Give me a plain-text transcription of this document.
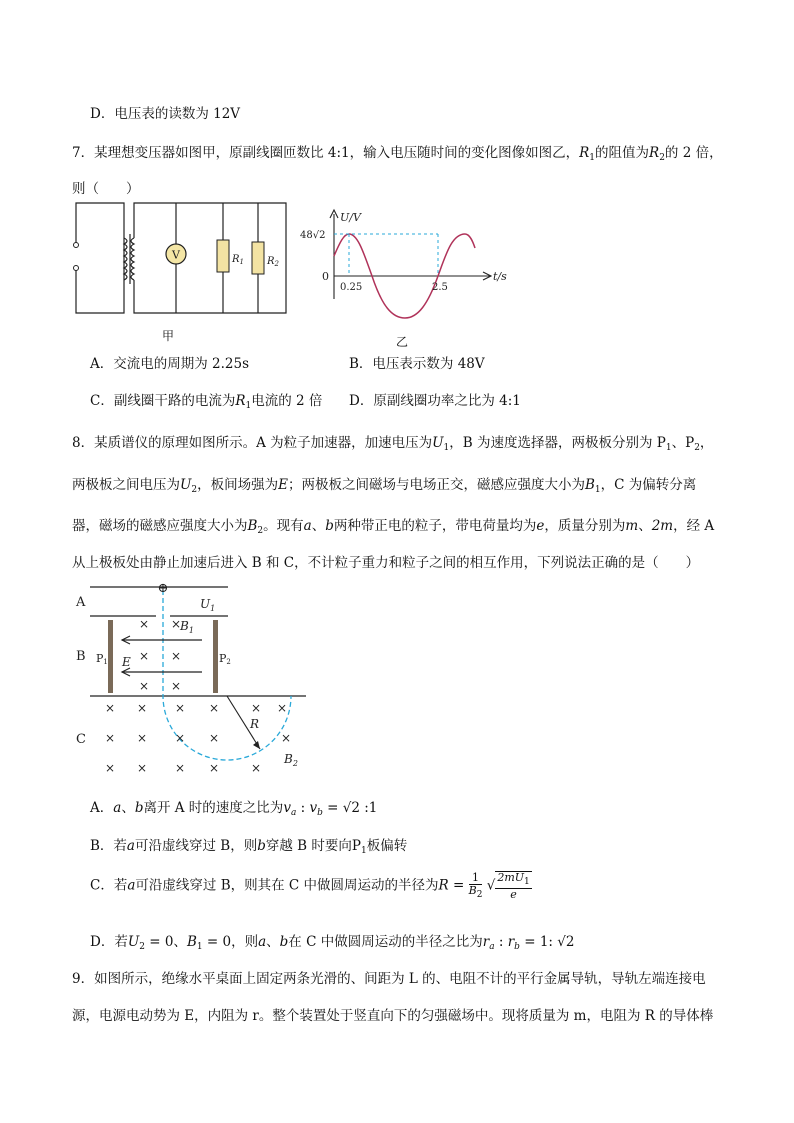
D．电压表的读数为 12V
7．某理想变压器如图甲，原副线圈匝数比 4:1，输入电压随时间的变化图像如图乙，$R_1$的阻值为$R_2$的 2 倍，
则（　　）
V	$R_1$ $R_2$
甲
U/V
t/s
48√2
0
0.25	2.5
乙
A．交流电的周期为 2.25s	B．电压表示数为 48V
C．副线圈干路的电流为$R_1$电流的 2 倍 D．原副线圈功率之比为 4:1
8．某质谱仪的原理如图所示。A 为粒子加速器，加速电压为$U_1$，B 为速度选择器，两极板分别为 $P_1$、$P_2$，
两极板之间电压为$U_2$，板间场强为E；两极板之间磁场与电场正交，磁感应强度大小为$B_1$，C 为偏转分离
器，磁场的磁感应强度大小为$B_2$。现有a、b两种带正电的粒子，带电荷量均为e，质量分别为m、2m，经 A
从上极板处由静止加速后进入 B 和 C，不计粒子重力和粒子之间的相互作用，下列说法正确的是（　　）
⊕
A
B
C
$U_1$
$B_1$
P1	P2
E
R
$B_2$
× ×
× ×
× ×
× × × ×	× ×
× × × ×	×
× × × ×	×
A．a、b离开 A 时的速度之比为$v_a$ : $v_b = √2$ :1
B．若a可沿虚线穿过 B，则b穿越 B 时要向$P_1$板偏转
C．若a可沿虚线穿过 B，则其在 C 中做圆周运动的半径为$R = \frac{1}{B_2}$ √ $\frac{2mU_1}{e}$
D．若$U_2 = 0$、$B_1 = 0$，则a、b在 C 中做圆周运动的半径之比为$r_a$ : $r_b = 1$: √2
9．如图所示，绝缘水平桌面上固定两条光滑的、间距为 L 的、电阻不计的平行金属导轨，导轨左端连接电
源，电源电动势为 E，内阻为 r。整个装置处于竖直向下的匀强磁场中。现将质量为 m，电阻为 R 的导体棒
